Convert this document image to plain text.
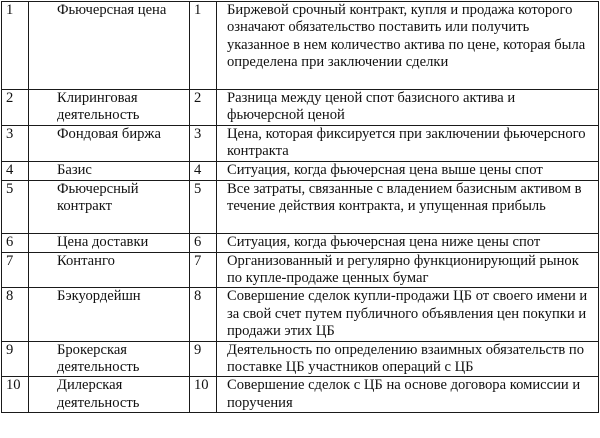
1	Фьючерсная цена	1	Биржевой срочный контракт, купля и продажа которого означают обязательство поставить или получить указанное в нем количество актива по цене, которая была определена при заключении сделки
2	Клиринговая деятельность	2	Разница между ценой спот базисного актива и фьючерсной ценой
3	Фондовая биржа	3	Цена, которая фиксируется при заключении фьючерсного контракта
4	Базис	4	Ситуация, когда фьючерсная цена выше цены спот
5	Фьючерсный контракт	5	Все затраты, связанные с владением базисным активом в течение действия контракта, и упущенная прибыль
6	Цена доставки	6	Ситуация, когда фьючерсная цена ниже цены спот
7	Контанго	7	Организованный и регулярно функционирующий рынок по купле-продаже ценных бумаг
8	Бэкуордейшн	8	Совершение сделок купли-продажи ЦБ от своего имени и за свой счет путем публичного объявления цен покупки и продажи этих ЦБ
9	Брокерская деятельность	9	Деятельность по определению взаимных обязательств по поставке ЦБ участников операций с ЦБ
10	Дилерская деятельность	10	Совершение сделок с ЦБ на основе договора комиссии и поручения
